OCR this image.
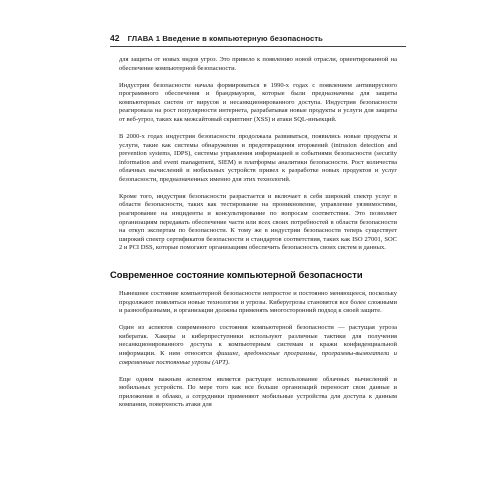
42 ГЛАВА 1 Введение в компьютерную безопасность

для защиты от новых видов угроз. Это привело к появлению новой отрасли, ориентированной на обеспечение компьютерной безопасности.

Индустрия безопасности начала формироваться в 1990-х годах с появлением антивирусного программного обеспечения и брандмауэров, которые были предназначены для защиты компьютерных систем от вирусов и несанкционированного доступа. Индустрия безопасности реагировала на рост популярности интернета, разрабатывая новые продукты и услуги для защиты от веб-угроз, таких как межсайтовый скриптинг (XSS) и атаки SQL-инъекций.

В 2000-х годах индустрия безопасности продолжала развиваться, появились новые продукты и услуги, такие как системы обнаружения и предотвращения вторжений (intrusion detection and prevention systems, IDPS), системы управления информацией и событиями безопасности (security information and event management, SIEM) и платформы аналитики безопасности. Рост количества облачных вычислений и мобильных устройств привел к разработке новых продуктов и услуг безопасности, предназначенных именно для этих технологий.

Кроме того, индустрия безопасности разрастается и включает в себя широкий спектр услуг в области безопасности, таких как тестирование на проникновение, управление уязвимостями, реагирование на инциденты и консультирование по вопросам соответствия. Это позволяет организациям передавать обеспечение части или всех своих потребностей в области безопасности на откуп экспертам по безопасности. К тому же в индустрии безопасности теперь существует широкий спектр сертификатов безопасности и стандартов соответствия, таких как ISO 27001, SOC 2 и PCI DSS, которые помогают организациям обеспечить безопасность своих систем и данных.

Современное состояние компьютерной безопасности

Нынешнее состояние компьютерной безопасности непростое и постоянно меняющееся, поскольку продолжают появляться новые технологии и угрозы. Киберугрозы становятся все более сложными и разнообразными, и организации должны применять многосторонний подход к своей защите.

Один из аспектов современного состояния компьютерной безопасности — растущая угроза кибератак. Хакеры и киберпреступники используют различные тактики для получения несанкционированного доступа к компьютерным системам и кражи конфиденциальной информации. К ним относятся фишинг, вредоносные программы, программы-вымогатели и современные постоянные угрозы (APT).

Еще одним важным аспектом является растущее использование облачных вычислений и мобильных устройств. По мере того как все больше организаций переносят свои данные и приложения в облако, а сотрудники применяют мобильные устройства для доступа к данным компании, поверхность атаки для
